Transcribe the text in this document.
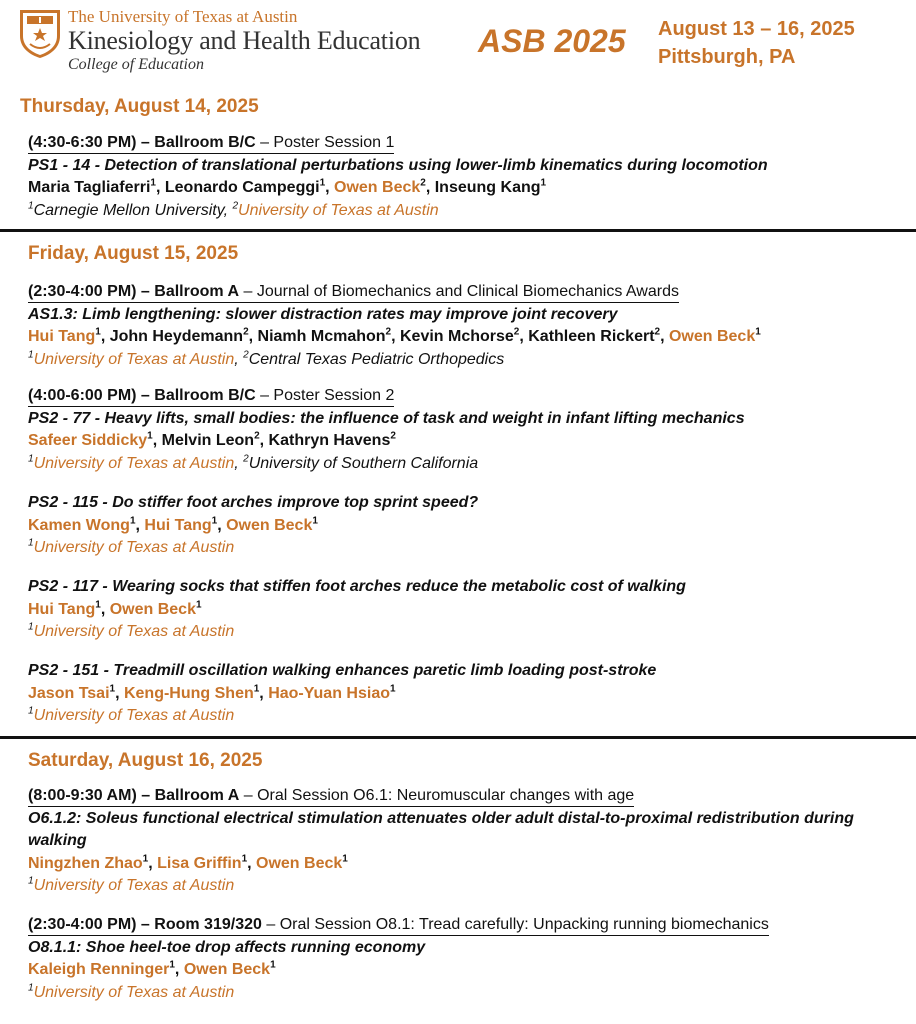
The University of Texas at Austin
Kinesiology and Health Education
College of Education
ASB 2025 August 13 – 16, 2025
Pittsburgh, PA
Thursday, August 14, 2025

(4:30-6:30 PM) – Ballroom B/C – Poster Session 1

PS1 - 14 - Detection of translational perturbations using lower-limb kinematics during locomotion

Maria Tagliaferri$^1$, Leonardo Campeggi$^1$, Owen Beck$^2$, Inseung Kang$^1$

$^1$Carnegie Mellon University, $^2$University of Texas at Austin

Friday, August 15, 2025

(2:30-4:00 PM) – Ballroom A – Journal of Biomechanics and Clinical Biomechanics Awards

AS1.3: Limb lengthening: slower distraction rates may improve joint recovery

Hui Tang$^1$, John Heydemann$^2$, Niamh Mcmahon$^2$, Kevin Mchorse$^2$, Kathleen Rickert$^2$, Owen Beck$^1$

$^1$University of Texas at Austin, $^2$Central Texas Pediatric Orthopedics

(4:00-6:00 PM) – Ballroom B/C – Poster Session 2

PS2 - 77 - Heavy lifts, small bodies: the influence of task and weight in infant lifting mechanics

Safeer Siddicky$^1$, Melvin Leon$^2$, Kathryn Havens$^2$

$^1$University of Texas at Austin, $^2$University of Southern California

PS2 - 115 - Do stiffer foot arches improve top sprint speed?

Kamen Wong$^1$, Hui Tang$^1$, Owen Beck$^1$

$^1$University of Texas at Austin

PS2 - 117 - Wearing socks that stiffen foot arches reduce the metabolic cost of walking

Hui Tang$^1$, Owen Beck$^1$

$^1$University of Texas at Austin

PS2 - 151 - Treadmill oscillation walking enhances paretic limb loading post-stroke

Jason Tsai$^1$, Keng-Hung Shen$^1$, Hao-Yuan Hsiao$^1$

$^1$University of Texas at Austin

Saturday, August 16, 2025

(8:00-9:30 AM) – Ballroom A – Oral Session O6.1: Neuromuscular changes with age

O6.1.2: Soleus functional electrical stimulation attenuates older adult distal-to-proximal redistribution during walking

Ningzhen Zhao$^1$, Lisa Griffin$^1$, Owen Beck$^1$

$^1$University of Texas at Austin

(2:30-4:00 PM) – Room 319/320 – Oral Session O8.1: Tread carefully: Unpacking running biomechanics

O8.1.1: Shoe heel-toe drop affects running economy

Kaleigh Renninger$^1$, Owen Beck$^1$

$^1$University of Texas at Austin
